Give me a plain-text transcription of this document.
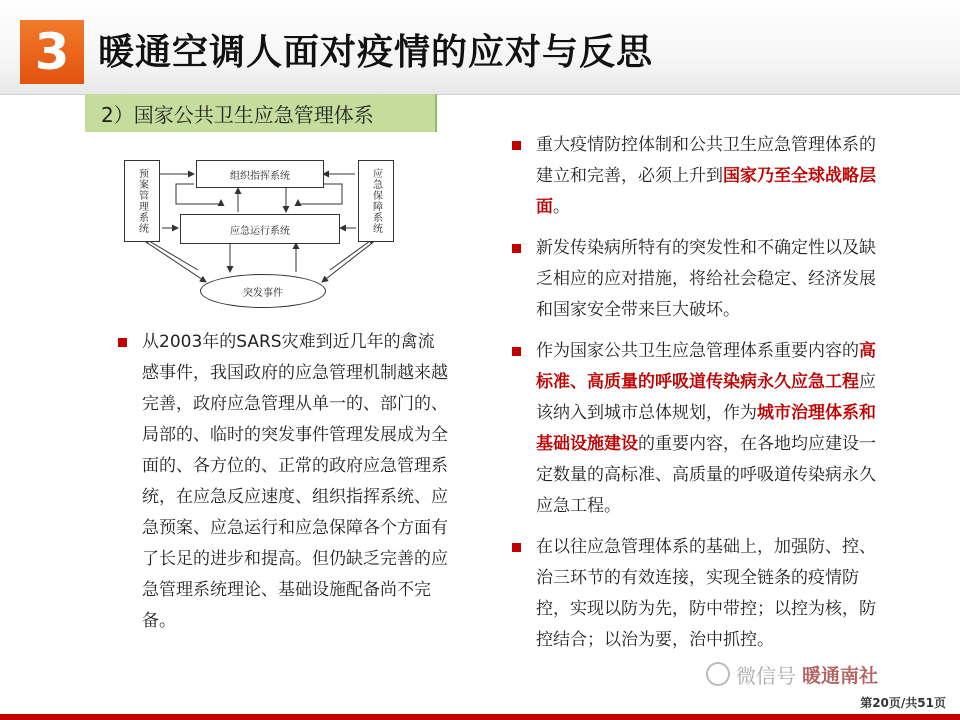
3 暖通空调人面对疫情的应对与反思
2）国家公共卫生应急管理体系
预案管理系统	应急保障系统
组织指挥系统
应急运行系统
突发事件
从2003年的SARS灾难到近几年的禽流感事件，我国政府的应急管理机制越来越完善，政府应急管理从单一的、部门的、局部的、临时的突发事件管理发展成为全面的、各方位的、正常的政府应急管理系统，在应急反应速度、组织指挥系统、应急预案、应急运行和应急保障各个方面有了长足的进步和提高。但仍缺乏完善的应急管理系统理论、基础设施配备尚不完备。
重大疫情防控体制和公共卫生应急管理体系的建立和完善，必须上升到国家乃至全球战略层面。
新发传染病所特有的突发性和不确定性以及缺乏相应的应对措施，将给社会稳定、经济发展和国家安全带来巨大破坏。
作为国家公共卫生应急管理体系重要内容的高标准、高质量的呼吸道传染病永久应急工程应该纳入到城市总体规划，作为城市治理体系和基础设施建设的重要内容，在各地均应建设一定数量的高标准、高质量的呼吸道传染病永久应急工程。
在以往应急管理体系的基础上，加强防、控、治三环节的有效连接，实现全链条的疫情防控，实现以防为先，防中带控；以控为核，防控结合；以治为要，治中抓控。
微信号 暖通南社
第20页/共51页
